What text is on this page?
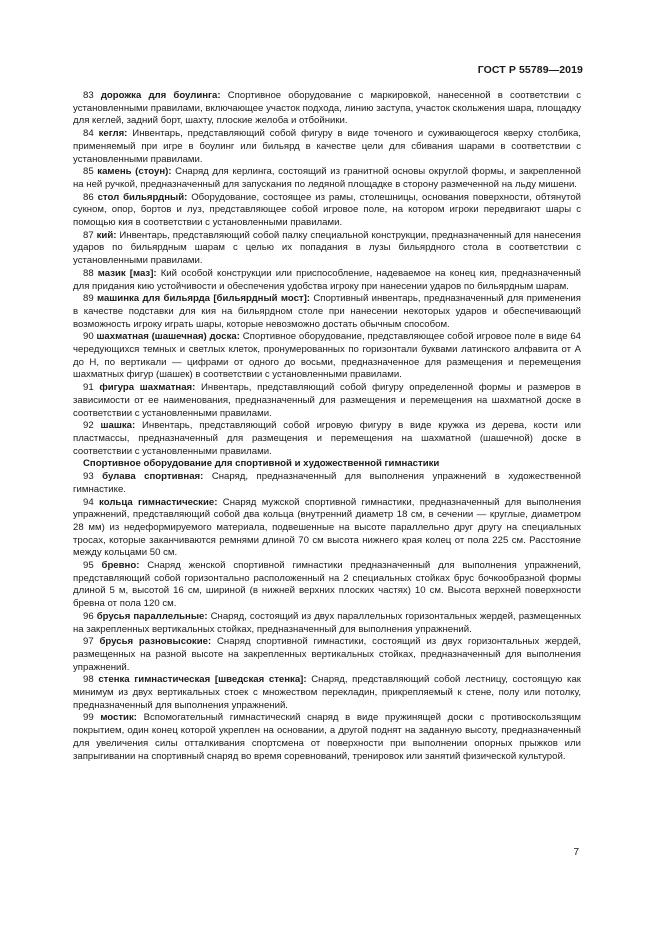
ГОСТ Р 55789—2019

83 дорожка для боулинга: Спортивное оборудование с маркировкой, нанесенной в соответствии с установленными правилами, включающее участок подхода, линию заступа, участок скольжения шара, площадку для кеглей, задний борт, шахту, плоские желоба и отбойники.

84 кегля: Инвентарь, представляющий собой фигуру в виде точеного и суживающегося кверху столбика, применяемый при игре в боулинг или бильярд в качестве цели для сбивания шарами в соответствии с установленными правилами.

85 камень (стоун): Снаряд для керлинга, состоящий из гранитной основы округлой формы, и закрепленной на ней ручкой, предназначенный для запускания по ледяной площадке в сторону размеченной на льду мишени.

86 стол бильярдный: Оборудование, состоящее из рамы, столешницы, основания поверхности, обтянутой сукном, опор, бортов и луз, представляющее собой игровое поле, на котором игроки передвигают шары с помощью кия в соответствии с установленными правилами.

87 кий: Инвентарь, представляющий собой палку специальной конструкции, предназначенный для нанесения ударов по бильярдным шарам с целью их попадания в лузы бильярдного стола в соответствии с установленными правилами.

88 мазик [маз]: Кий особой конструкции или приспособление, надеваемое на конец кия, предназначенный для придания кию устойчивости и обеспечения удобства игроку при нанесении ударов по бильярдным шарам.

89 машинка для бильярда [бильярдный мост]: Спортивный инвентарь, предназначенный для применения в качестве подставки для кия на бильярдном столе при нанесении некоторых ударов и обеспечивающий возможность игроку играть шары, которые невозможно достать обычным способом.

90 шахматная (шашечная) доска: Спортивное оборудование, представляющее собой игровое поле в виде 64 чередующихся темных и светлых клеток, пронумерованных по горизонтали буквами латинского алфавита от A до H, по вертикали — цифрами от одного до восьми, предназначенное для размещения и перемещения шахматных фигур (шашек) в соответствии с установленными правилами.

91 фигура шахматная: Инвентарь, представляющий собой фигуру определенной формы и размеров в зависимости от ее наименования, предназначенный для размещения и перемещения на шахматной доске в соответствии с установленными правилами.

92 шашка: Инвентарь, представляющий собой игровую фигуру в виде кружка из дерева, кости или пластмассы, предназначенный для размещения и перемещения на шахматной (шашечной) доске в соответствии с установленными правилами.

Спортивное оборудование для спортивной и художественной гимнастики

93 булава спортивная: Снаряд, предназначенный для выполнения упражнений в художественной гимнастике.

94 кольца гимнастические: Снаряд мужской спортивной гимнастики, предназначенный для выполнения упражнений, представляющий собой два кольца (внутренний диаметр 18 см, в сечении — круглые, диаметром 28 мм) из недеформируемого материала, подвешенные на высоте параллельно друг другу на специальных тросах, которые заканчиваются ремнями длиной 70 см высота нижнего края колец от пола 225 см. Расстояние между кольцами 50 см.

95 бревно: Снаряд женской спортивной гимнастики предназначенный для выполнения упражнений, представляющий собой горизонтально расположенный на 2 специальных стойках брус бочкообразной формы длиной 5 м, высотой 16 см, шириной (в нижней верхних плоских частях) 10 см. Высота верхней поверхности бревна от пола 120 см.

96 брусья параллельные: Снаряд, состоящий из двух параллельных горизонтальных жердей, размещенных на закрепленных вертикальных стойках, предназначенный для выполнения упражнений.

97 брусья разновысокие: Снаряд спортивной гимнастики, состоящий из двух горизонтальных жердей, размещенных на разной высоте на закрепленных вертикальных стойках, предназначенный для выполнения упражнений.

98 стенка гимнастическая [шведская стенка]: Снаряд, представляющий собой лестницу, состоящую как минимум из двух вертикальных стоек с множеством перекладин, прикрепляемый к стене, полу или потолку, предназначенный для выполнения упражнений.

99 мостик: Вспомогательный гимнастический снаряд в виде пружинящей доски с противоскользящим покрытием, один конец которой укреплен на основании, а другой поднят на заданную высоту, предназначенный для увеличения силы отталкивания спортсмена от поверхности при выполнении опорных прыжков или запрыгивании на спортивный снаряд во время соревнований, тренировок или занятий физической культурой.

7
